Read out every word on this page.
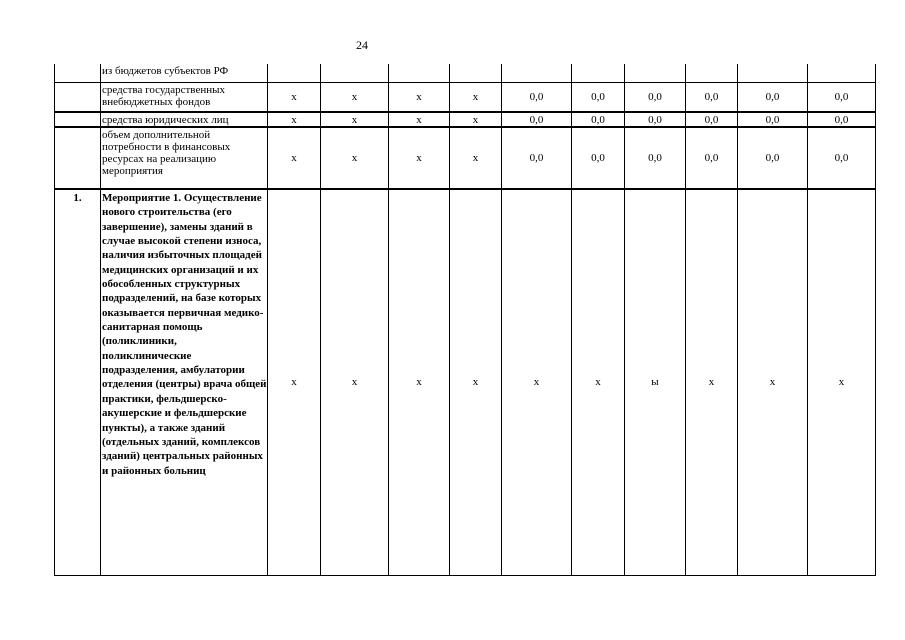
24
	из бюджетов субъектов РФ										
	средства государственных внебюджетных фондов	х	х	х	х	0,0	0,0	0,0	0,0	0,0	0,0
	средства юридических лиц	х	х	х	х	0,0	0,0	0,0	0,0	0,0	0,0
	объем дополнительной потребности в финансовых ресурсах на реализацию мероприятия	х	х	х	х	0,0	0,0	0,0	0,0	0,0	0,0
1.	Мероприятие 1. Осуществление нового строительства (его завершение), замены зданий в случае высокой степени износа, наличия избыточных площадей медицинских организаций и их обособленных структурных подразделений, на базе которых оказывается первичная медико-санитарная помощь (поликлиники, поликлинические подразделения, амбулатории отделения (центры) врача общей практики, фельдшерско-акушерские и фельдшерские пункты), а также зданий (отдельных зданий, комплексов зданий) центральных районных и районных больниц	х	х	х	х	х	х	ы	х	х	х
